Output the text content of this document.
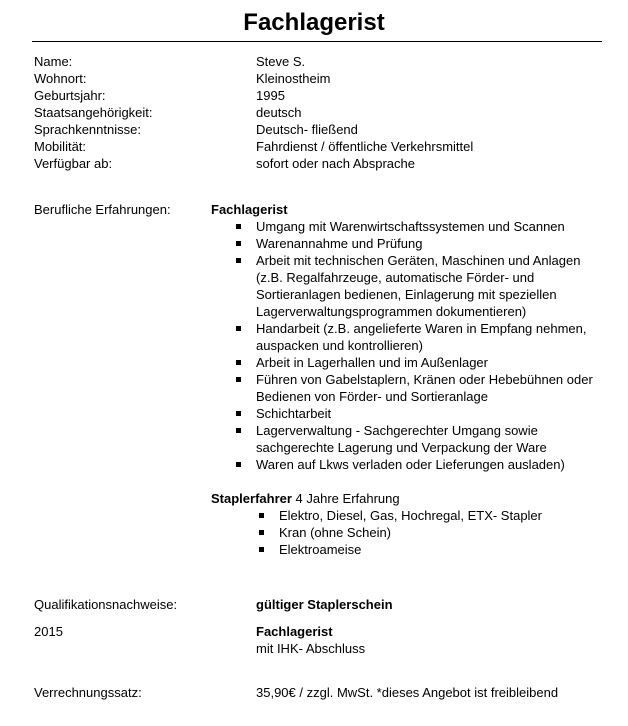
Fachlagerist
Name:	Steve S.
Wohnort:	Kleinostheim
Geburtsjahr:	1995
Staatsangehörigkeit:	deutsch
Sprachkenntnisse:	Deutsch- fließend
Mobilität:	Fahrdienst / öffentliche Verkehrsmittel
Verfügbar ab:	sofort oder nach Absprache
Berufliche Erfahrungen:	Fachlagerist
Umgang mit Warenwirtschaftssystemen und Scannen
Warenannahme und Prüfung
Arbeit mit technischen Geräten, Maschinen und Anlagen (z.B. Regalfahrzeuge, automatische Förder- und Sortieranlagen bedienen, Einlagerung mit speziellen Lagerverwaltungsprogrammen dokumentieren)
Handarbeit (z.B. angelieferte Waren in Empfang nehmen, auspacken und kontrollieren)
Arbeit in Lagerhallen und im Außenlager
Führen von Gabelstaplern, Kränen oder Hebebühnen oder Bedienen von Förder- und Sortieranlage
Schichtarbeit
Lagerverwaltung - Sachgerechter Umgang sowie sachgerechte Lagerung und Verpackung der Ware
Waren auf Lkws verladen oder Lieferungen ausladen)
Staplerfahrer 4 Jahre Erfahrung
Elektro, Diesel, Gas, Hochregal, ETX- Stapler
Kran (ohne Schein)
Elektroameise
Qualifikationsnachweise:	gültiger Staplerschein
2015	Fachlagerist
mit IHK- Abschluss
Verrechnungssatz:	35,90€ / zzgl. MwSt. *dieses Angebot ist freibleibend
